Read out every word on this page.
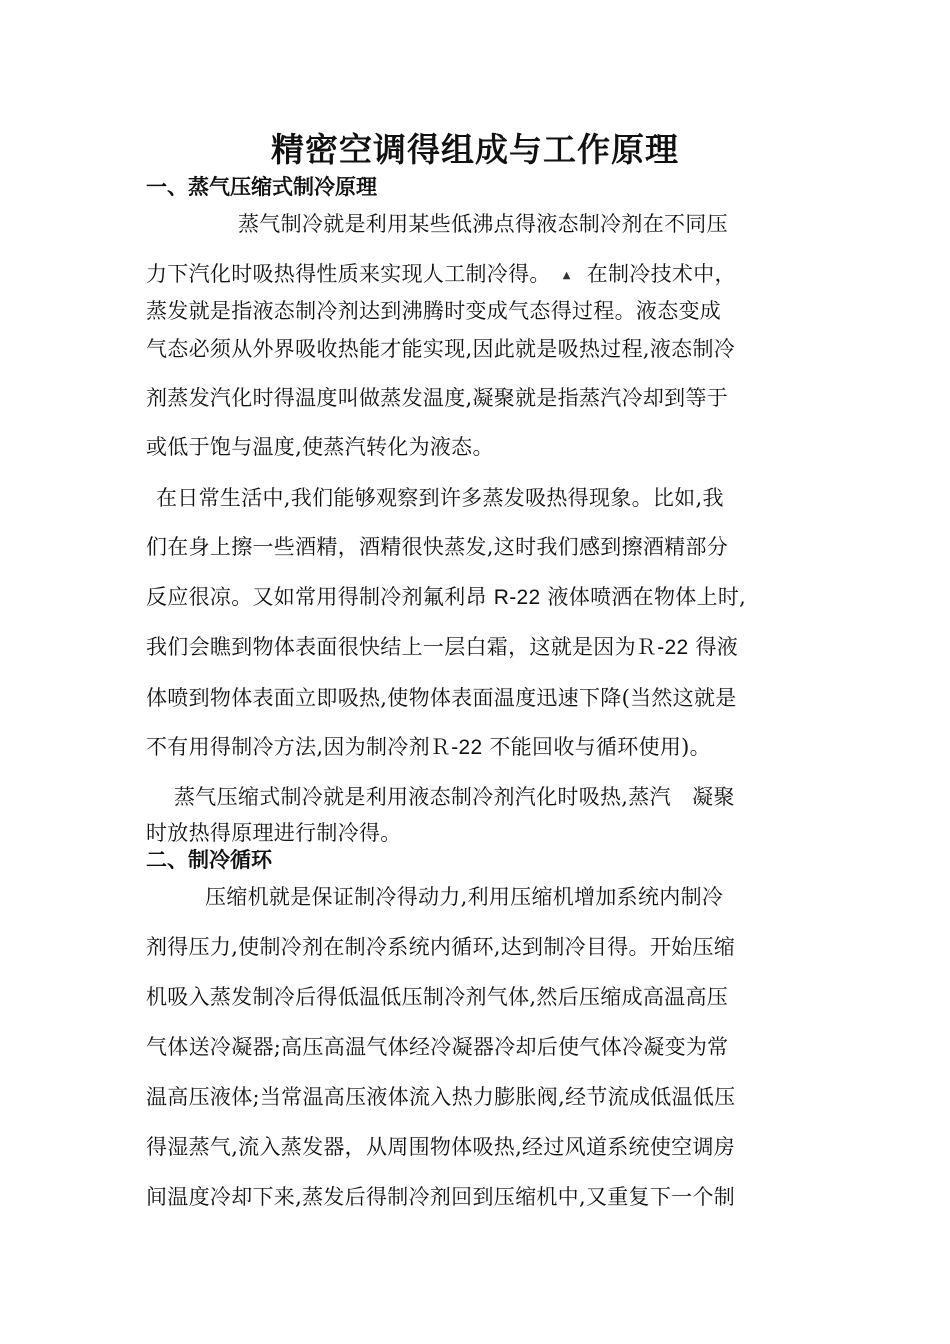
精密空调得组成与工作原理
一、蒸气压缩式制冷原理
蒸气制冷就是利用某些低沸点得液态制冷剂在不同压
力下汽化时吸热得性质来实现人工制冷得。 ▲ 在制冷技术中，
蒸发就是指液态制冷剂达到沸腾时变成气态得过程。液态变成
气态必须从外界吸收热能才能实现,因此就是吸热过程,液态制冷
剂蒸发汽化时得温度叫做蒸发温度,凝聚就是指蒸汽冷却到等于
或低于饱与温度,使蒸汽转化为液态。
在日常生活中,我们能够观察到许多蒸发吸热得现象。比如,我
们在身上擦一些酒精，酒精很快蒸发,这时我们感到擦酒精部分
反应很凉。又如常用得制冷剂氟利昂 R-22 液体喷洒在物体上时,
我们会瞧到物体表面很快结上一层白霜，这就是因为Ｒ-22 得液
体喷到物体表面立即吸热,使物体表面温度迅速下降(当然这就是
不有用得制冷方法,因为制冷剂Ｒ-22 不能回收与循环使用)。
蒸气压缩式制冷就是利用液态制冷剂汽化时吸热,蒸汽　凝聚
时放热得原理进行制冷得。
二、制冷循环
压缩机就是保证制冷得动力,利用压缩机增加系统内制冷
剂得压力,使制冷剂在制冷系统内循环,达到制冷目得。开始压缩
机吸入蒸发制冷后得低温低压制冷剂气体,然后压缩成高温高压
气体送冷凝器;高压高温气体经冷凝器冷却后使气体冷凝变为常
温高压液体;当常温高压液体流入热力膨胀阀,经节流成低温低压
得湿蒸气,流入蒸发器，从周围物体吸热,经过风道系统使空调房
间温度冷却下来,蒸发后得制冷剂回到压缩机中,又重复下一个制
